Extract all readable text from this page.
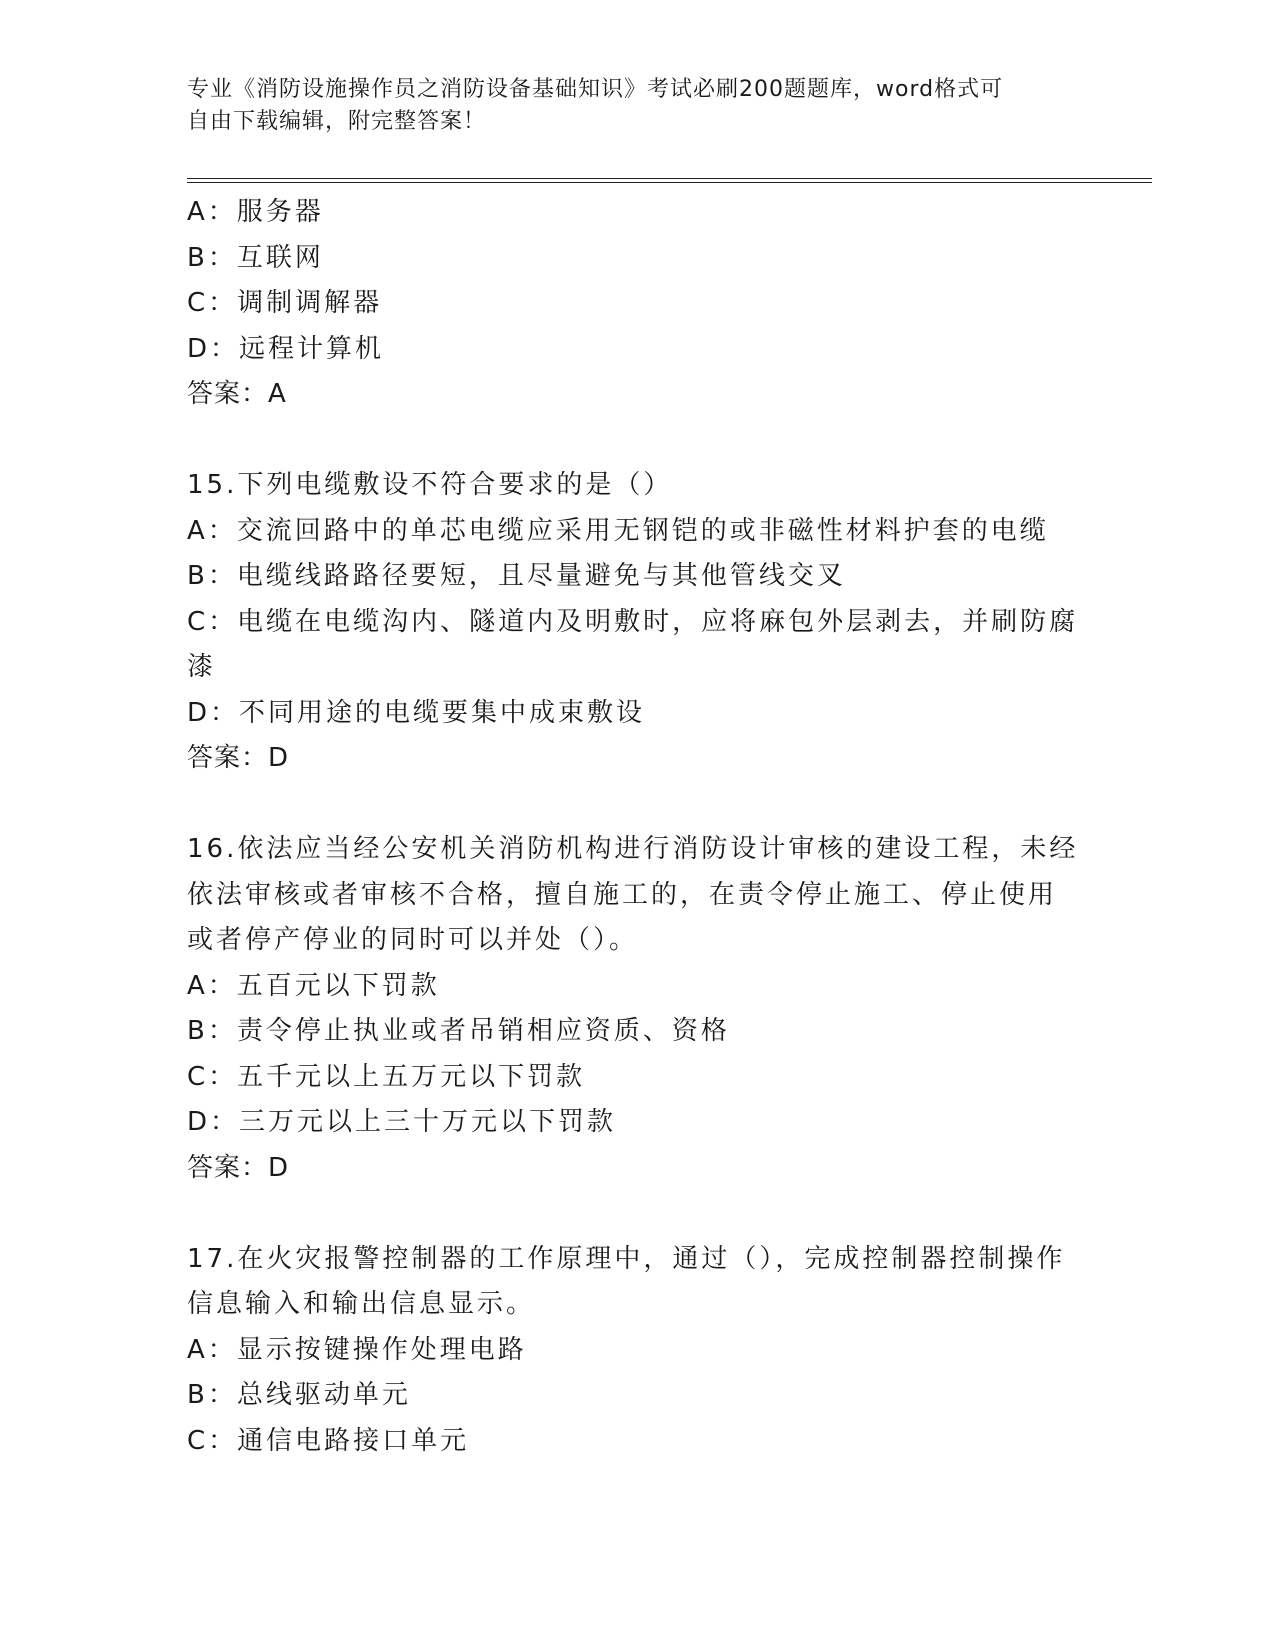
专业《消防设施操作员之消防设备基础知识》考试必刷200题题库，word格式可
自由下载编辑，附完整答案！
A：服务器
B：互联网
C：调制调解器
D：远程计算机
答案：A
15.下列电缆敷设不符合要求的是（）
A：交流回路中的单芯电缆应采用无钢铠的或非磁性材料护套的电缆
B：电缆线路路径要短，且尽量避免与其他管线交叉
C：电缆在电缆沟内、隧道内及明敷时，应将麻包外层剥去，并刷防腐
漆
D：不同用途的电缆要集中成束敷设
答案：D
16.依法应当经公安机关消防机构进行消防设计审核的建设工程，未经
依法审核或者审核不合格，擅自施工的，在责令停止施工、停止使用
或者停产停业的同时可以并处（）。
A：五百元以下罚款
B：责令停止执业或者吊销相应资质、资格
C：五千元以上五万元以下罚款
D：三万元以上三十万元以下罚款
答案：D
17.在火灾报警控制器的工作原理中，通过（），完成控制器控制操作
信息输入和输出信息显示。
A：显示按键操作处理电路
B：总线驱动单元
C：通信电路接口单元
